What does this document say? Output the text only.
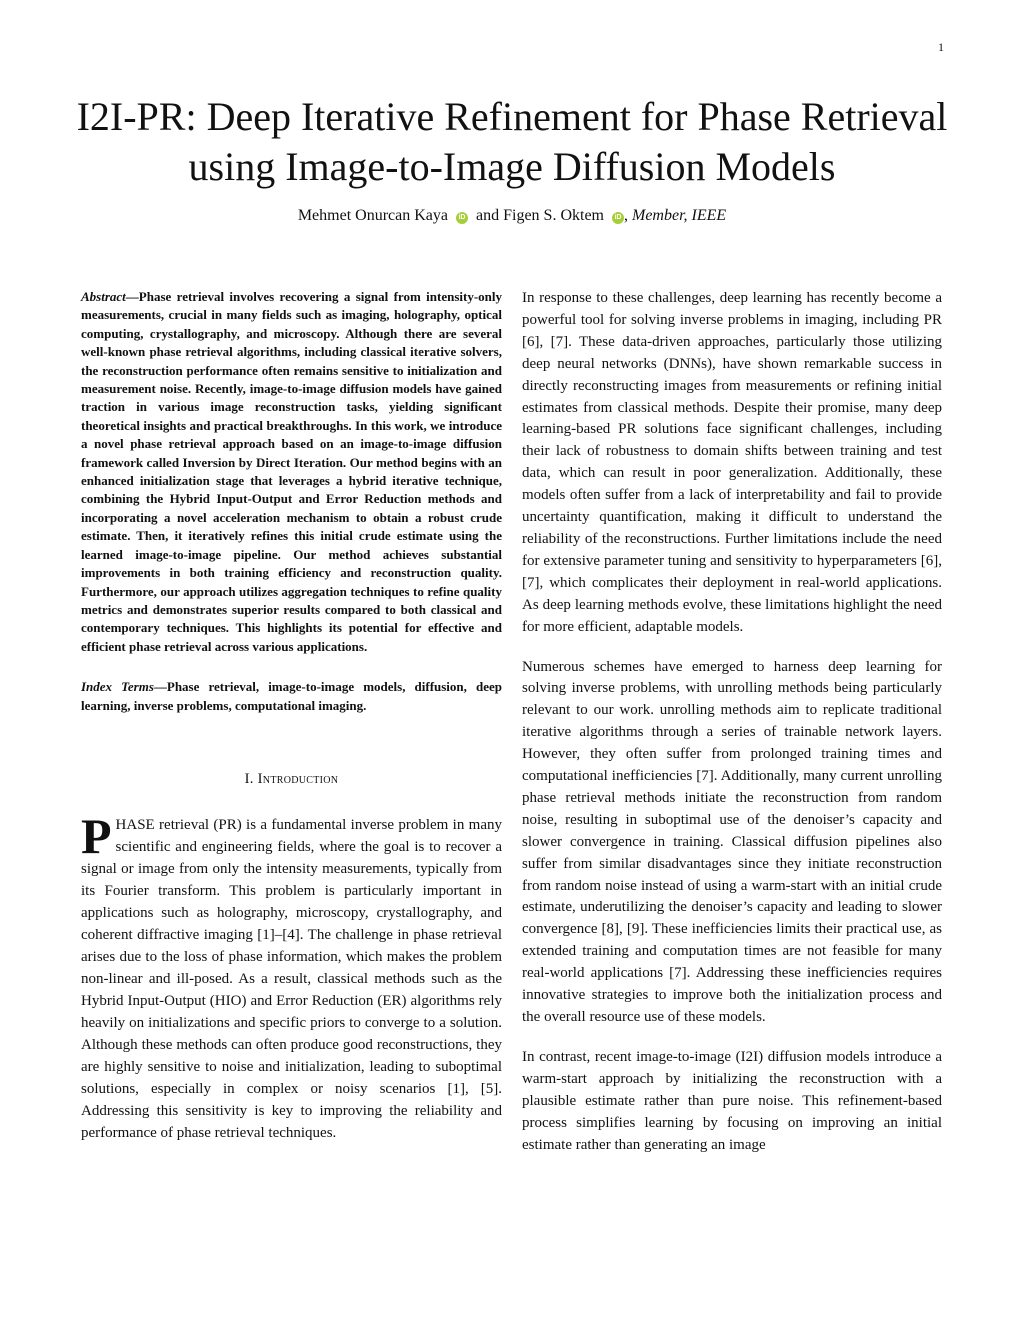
1
I2I-PR: Deep Iterative Refinement for Phase Retrieval using Image-to-Image Diffusion Models
Mehmet Onurcan Kaya iD and Figen S. Oktem iD , Member, IEEE

Abstract—Phase retrieval involves recovering a signal from intensity-only measurements, crucial in many fields such as imaging, holography, optical computing, crystallography, and microscopy. Although there are several well-known phase retrieval algorithms, including classical iterative solvers, the reconstruction performance often remains sensitive to initialization and measurement noise. Recently, image-to-image diffusion models have gained traction in various image reconstruction tasks, yielding significant theoretical insights and practical breakthroughs. In this work, we introduce a novel phase retrieval approach based on an image-to-image diffusion framework called Inversion by Direct Iteration. Our method begins with an enhanced initialization stage that leverages a hybrid iterative technique, combining the Hybrid Input-Output and Error Reduction methods and incorporating a novel acceleration mechanism to obtain a robust crude estimate. Then, it iteratively refines this initial crude estimate using the learned image-to-image pipeline. Our method achieves substantial improvements in both training efficiency and reconstruction quality. Furthermore, our approach utilizes aggregation techniques to refine quality metrics and demonstrates superior results compared to both classical and contemporary techniques. This highlights its potential for effective and efficient phase retrieval across various applications.

Index Terms—Phase retrieval, image-to-image models, diffusion, deep learning, inverse problems, computational imaging.

I. Introduction

PHASE retrieval (PR) is a fundamental inverse problem in many scientific and engineering fields, where the goal is to recover a signal or image from only the intensity measurements, typically from its Fourier transform. This problem is particularly important in applications such as holography, microscopy, crystallography, and coherent diffractive imaging [1]–[4]. The challenge in phase retrieval arises due to the loss of phase information, which makes the problem non-linear and ill-posed. As a result, classical methods such as the Hybrid Input-Output (HIO) and Error Reduction (ER) algorithms rely heavily on initializations and specific priors to converge to a solution. Although these methods can often produce good reconstructions, they are highly sensitive to noise and initialization, leading to suboptimal solutions, especially in complex or noisy scenarios [1], [5]. Addressing this sensitivity is key to improving the reliability and performance of phase retrieval techniques.

In response to these challenges, deep learning has recently become a powerful tool for solving inverse problems in imaging, including PR [6], [7]. These data-driven approaches, particularly those utilizing deep neural networks (DNNs), have shown remarkable success in directly reconstructing images from measurements or refining initial estimates from classical methods. Despite their promise, many deep learning-based PR solutions face significant challenges, including their lack of robustness to domain shifts between training and test data, which can result in poor generalization. Additionally, these models often suffer from a lack of interpretability and fail to provide uncertainty quantification, making it difficult to understand the reliability of the reconstructions. Further limitations include the need for extensive parameter tuning and sensitivity to hyperparameters [6], [7], which complicates their deployment in real-world applications. As deep learning methods evolve, these limitations highlight the need for more efficient, adaptable models.

Numerous schemes have emerged to harness deep learning for solving inverse problems, with unrolling methods being particularly relevant to our work. unrolling methods aim to replicate traditional iterative algorithms through a series of trainable network layers. However, they often suffer from prolonged training times and computational inefficiencies [7]. Additionally, many current unrolling phase retrieval methods initiate the reconstruction from random noise, resulting in suboptimal use of the denoiser’s capacity and slower convergence in training. Classical diffusion pipelines also suffer from similar disadvantages since they initiate reconstruction from random noise instead of using a warm-start with an initial crude estimate, underutilizing the denoiser’s capacity and leading to slower convergence [8], [9]. These inefficiencies limits their practical use, as extended training and computation times are not feasible for many real-world applications [7]. Addressing these inefficiencies requires innovative strategies to improve both the initialization process and the overall resource use of these models.

In contrast, recent image-to-image (I2I) diffusion models introduce a warm-start approach by initializing the reconstruction with a plausible estimate rather than pure noise. This refinement-based process simplifies learning by focusing on improving an initial estimate rather than generating an image
